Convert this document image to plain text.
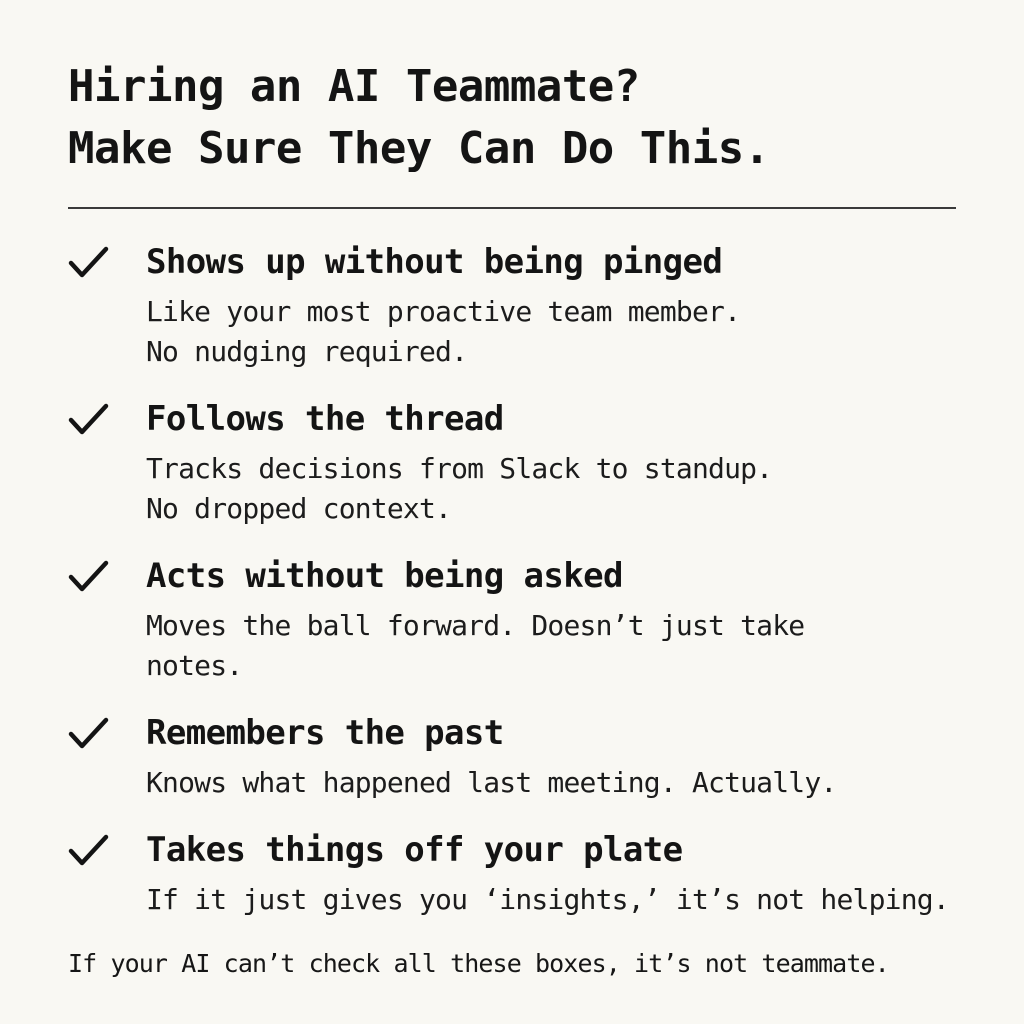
Hiring an AI Teammate?
Make Sure They Can Do This.
Shows up without being pinged
Like your most proactive team member.
No nudging required.
Follows the thread
Tracks decisions from Slack to standup.
No dropped context.
Acts without being asked
Moves the ball forward. Doesn’t just take
notes.
Remembers the past
Knows what happened last meeting. Actually.
Takes things off your plate
If it just gives you ‘insights,’ it’s not helping.
If your AI can’t check all these boxes, it’s not teammate.
